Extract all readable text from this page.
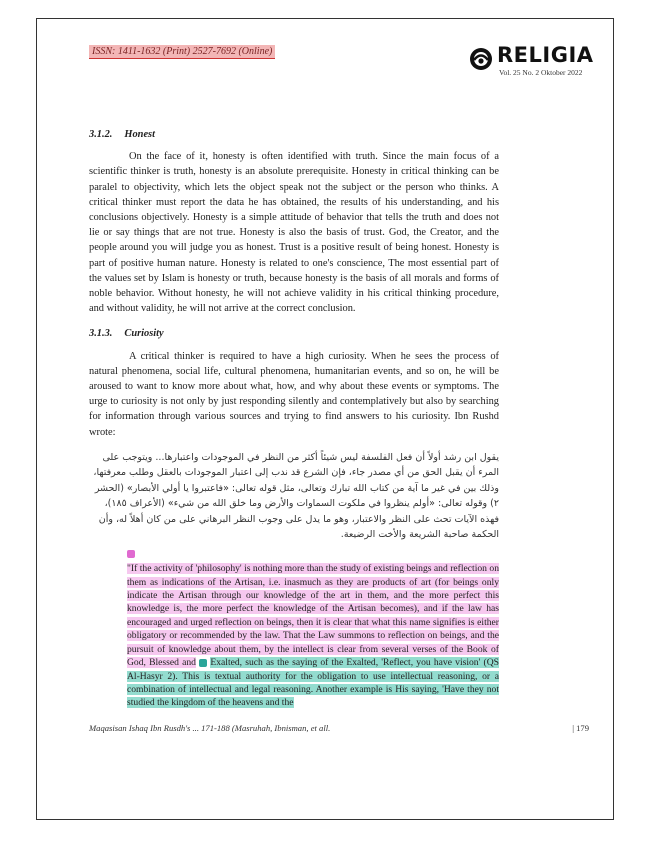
ISSN: 1411-1632 (Print) 2527-7692 (Online)	RELIGIA
Vol. 25 No. 2 Oktober 2022
3.1.2. Honest

On the face of it, honesty is often identified with truth. Since the main focus of a scientific thinker is truth, honesty is an absolute prerequisite. Honesty in critical thinking can be paralel to objectivity, which lets the object speak not the subject or the person who thinks. A critical thinker must report the data he has obtained, the results of his understanding, and his conclusions objectively. Honesty is a simple attitude of behavior that tells the truth and does not lie or say things that are not true. Honesty is also the basis of trust. God, the Creator, and the people around you will judge you as honest. Trust is a positive result of being honest. Honesty is part of positive human nature. Honesty is related to one's conscience, The most essential part of the values set by Islam is honesty or truth, because honesty is the basis of all morals and forms of noble behavior. Without honesty, he will not achieve validity in his critical thinking procedure, and without validity, he will not arrive at the correct conclusion.

3.1.3. Curiosity

A critical thinker is required to have a high curiosity. When he sees the process of natural phenomena, social life, cultural phenomena, humanitarian events, and so on, he will be aroused to want to know more about what, how, and why about these events or symptoms. The urge to curiosity is not only by just responding silently and contemplatively but also by searching for information through various sources and trying to find answers to his curiosity. Ibn Rushd wrote:

يقول ابن رشد أولاً أن فعل الفلسفة ليس شيئاً أكثر من النظر في الموجودات واعتبارها... ويتوجب على المرء أن يقبل الحق من أي مصدر جاء، فإن الشرع قد ندب إلى اعتبار الموجودات بالعقل وطلب معرفتها، وذلك بين في غير ما آية من كتاب الله تبارك وتعالى، مثل قوله تعالى: «فاعتبروا يا أولي الأبصار» (الحشر ٢) وقوله تعالى: «أولم ينظروا في ملكوت السماوات والأرض وما خلق الله من شيء» (الأعراف ١٨٥)، فهذه الآيات تحث على النظر والاعتبار، وهو ما يدل على وجوب النظر البرهاني على من كان أهلاً له، وأن الحكمة صاحبة الشريعة والأخت الرضيعة.

"If the activity of 'philosophy' is nothing more than the study of existing beings and reflection on them as indications of the Artisan, i.e. inasmuch as they are products of art (for beings only indicate the Artisan through our knowledge of the art in them, and the more perfect this knowledge is, the more perfect the knowledge of the Artisan becomes), and if the law has encouraged and urged reflection on beings, then it is clear that what this name signifies is either obligatory or recommended by the law. That the Law summons to reflection on beings, and the pursuit of knowledge about them, by the intellect is clear from several verses of the Book of God, Blessed and Exalted, such as the saying of the Exalted, 'Reflect, you have vision' (QS Al-Hasyr 2). This is textual authority for the obligation to use intellectual reasoning, or a combination of intellectual and legal reasoning. Another example is His saying, 'Have they not studied the kingdom of the heavens and the
Maqasisan Ishaq Ibn Rusdh's ... 171-188 (Masruhah, Ibnisman, et all.	| 179
